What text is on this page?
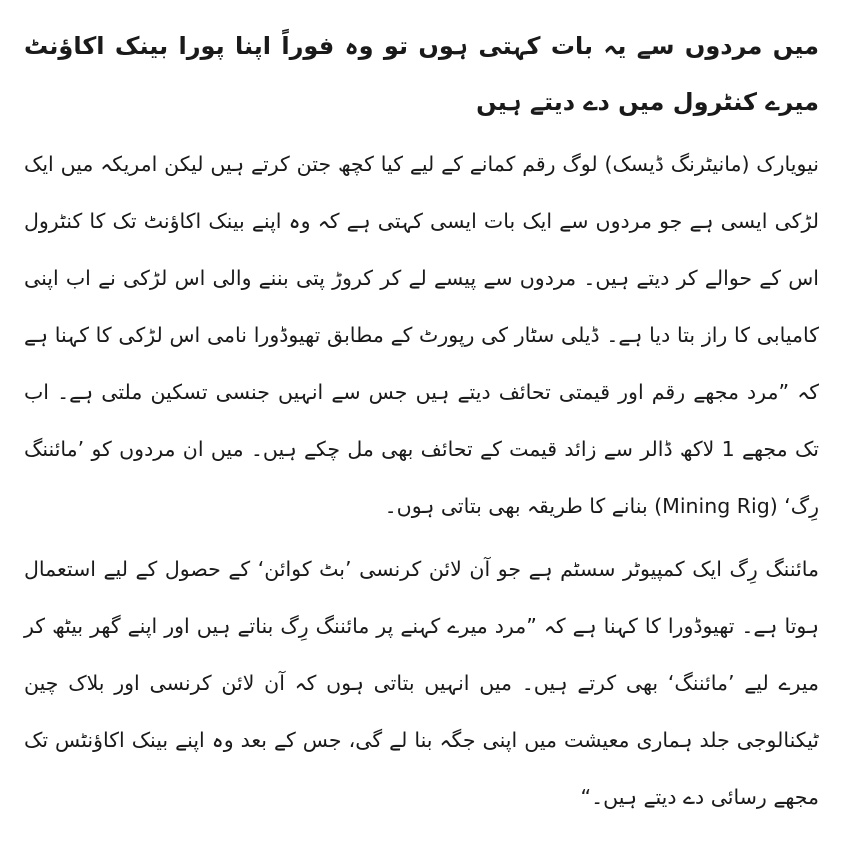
میں مردوں سے یہ بات کہتی ہوں تو وہ فوراً اپنا پورا بینک اکاؤنٹ میرے کنٹرول میں دے دیتے ہیں

نیویارک (مانیٹرنگ ڈیسک) لوگ رقم کمانے کے لیے کیا کچھ جتن کرتے ہیں لیکن امریکہ میں ایک لڑکی ایسی ہے جو مردوں سے ایک بات ایسی کہتی ہے کہ وہ اپنے بینک اکاؤنٹ تک کا کنٹرول اس کے حوالے کر دیتے ہیں۔ مردوں سے پیسے لے کر کروڑ پتی بننے والی اس لڑکی نے اب اپنی کامیابی کا راز بتا دیا ہے۔ ڈیلی سٹار کی رپورٹ کے مطابق تھیوڈورا نامی اس لڑکی کا کہنا ہے کہ ”مرد مجھے رقم اور قیمتی تحائف دیتے ہیں جس سے انہیں جنسی تسکین ملتی ہے۔ اب تک مجھے 1 لاکھ ڈالر سے زائد قیمت کے تحائف بھی مل چکے ہیں۔ میں ان مردوں کو ’مائننگ رِگ‘ (Mining Rig) بنانے کا طریقہ بھی بتاتی ہوں۔

مائننگ رِگ ایک کمپیوٹر سسٹم ہے جو آن لائن کرنسی ’بٹ کوائن‘ کے حصول کے لیے استعمال ہوتا ہے۔ تھیوڈورا کا کہنا ہے کہ ”مرد میرے کہنے پر مائننگ رِگ بناتے ہیں اور اپنے گھر بیٹھ کر میرے لیے ’مائننگ‘ بھی کرتے ہیں۔ میں انہیں بتاتی ہوں کہ آن لائن کرنسی اور بلاک چین ٹیکنالوجی جلد ہماری معیشت میں اپنی جگہ بنا لے گی، جس کے بعد وہ اپنے بینک اکاؤنٹس تک مجھے رسائی دے دیتے ہیں۔“
